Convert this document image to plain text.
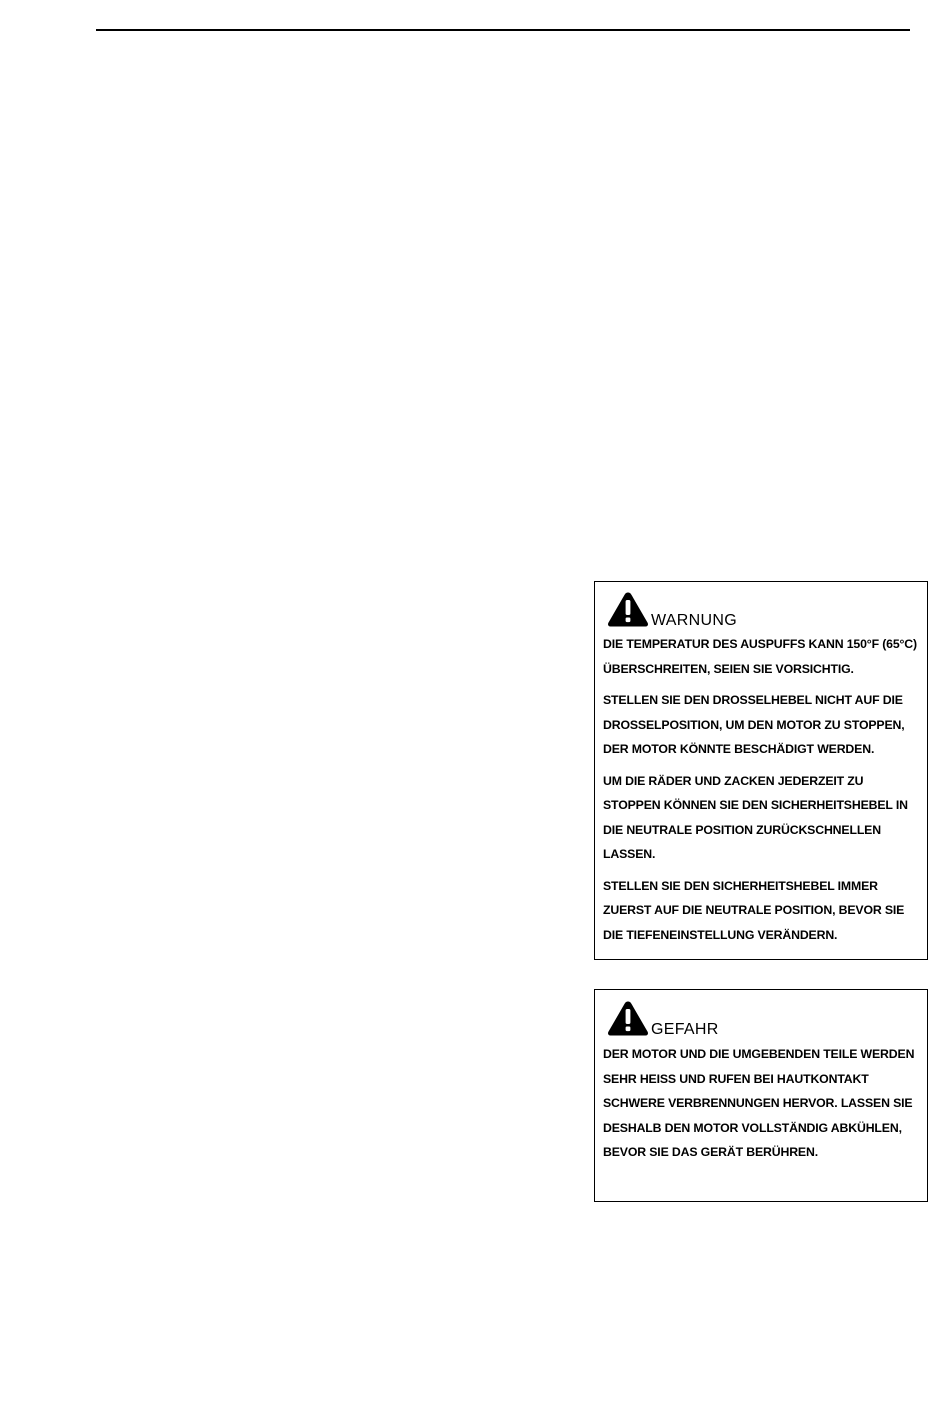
WARNUNG

DIE TEMPERATUR DES AUSPUFFS KANN 150°F (65°C) ÜBERSCHREITEN, SEIEN SIE VORSICHTIG.

STELLEN SIE DEN DROSSELHEBEL NICHT AUF DIE DROSSELPOSITION, UM DEN MOTOR ZU STOPPEN, DER MOTOR KÖNNTE BESCHÄDIGT WERDEN.

UM DIE RÄDER UND ZACKEN JEDERZEIT ZU STOPPEN KÖNNEN SIE DEN SICHERHEITSHEBEL IN DIE NEUTRALE POSITION ZURÜCKSCHNELLEN LASSEN.

STELLEN SIE DEN SICHERHEITSHEBEL IMMER ZUERST AUF DIE NEUTRALE POSITION, BEVOR SIE DIE TIEFENEINSTELLUNG VERÄNDERN.

GEFAHR

DER MOTOR UND DIE UMGEBENDEN TEILE WERDEN SEHR HEISS UND RUFEN BEI HAUTKONTAKT SCHWERE VERBRENNUNGEN HERVOR. LASSEN SIE DESHALB DEN MOTOR VOLLSTÄNDIG ABKÜHLEN, BEVOR SIE DAS GERÄT BERÜHREN.
